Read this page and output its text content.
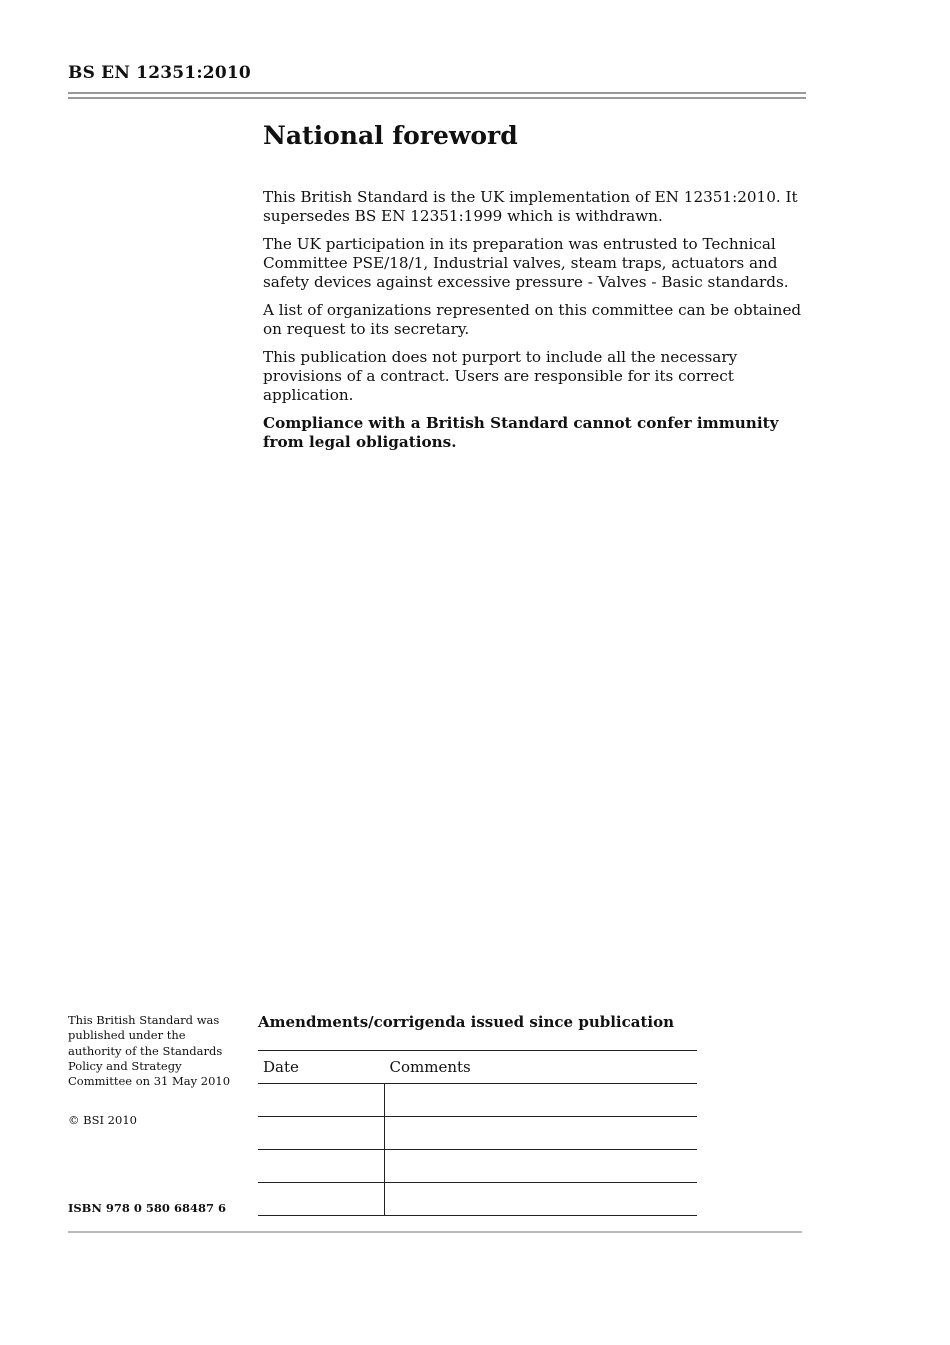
BS EN 12351:2010
National foreword

This British Standard is the UK implementation of EN 12351:2010. It supersedes BS EN 12351:1999 which is withdrawn.

The UK participation in its preparation was entrusted to Technical Committee PSE/18/1, Industrial valves, steam traps, actuators and safety devices against excessive pressure - Valves - Basic standards.

A list of organizations represented on this committee can be obtained on request to its secretary.

This publication does not purport to include all the necessary provisions of a contract. Users are responsible for its correct application.

Compliance with a British Standard cannot confer immunity from legal obligations.

This British Standard was published under the authority of the Standards Policy and Strategy Committee on 31 May 2010

© BSI 2010
ISBN 978 0 580 68487 6
Amendments/corrigenda issued since publication
Date	Comments
